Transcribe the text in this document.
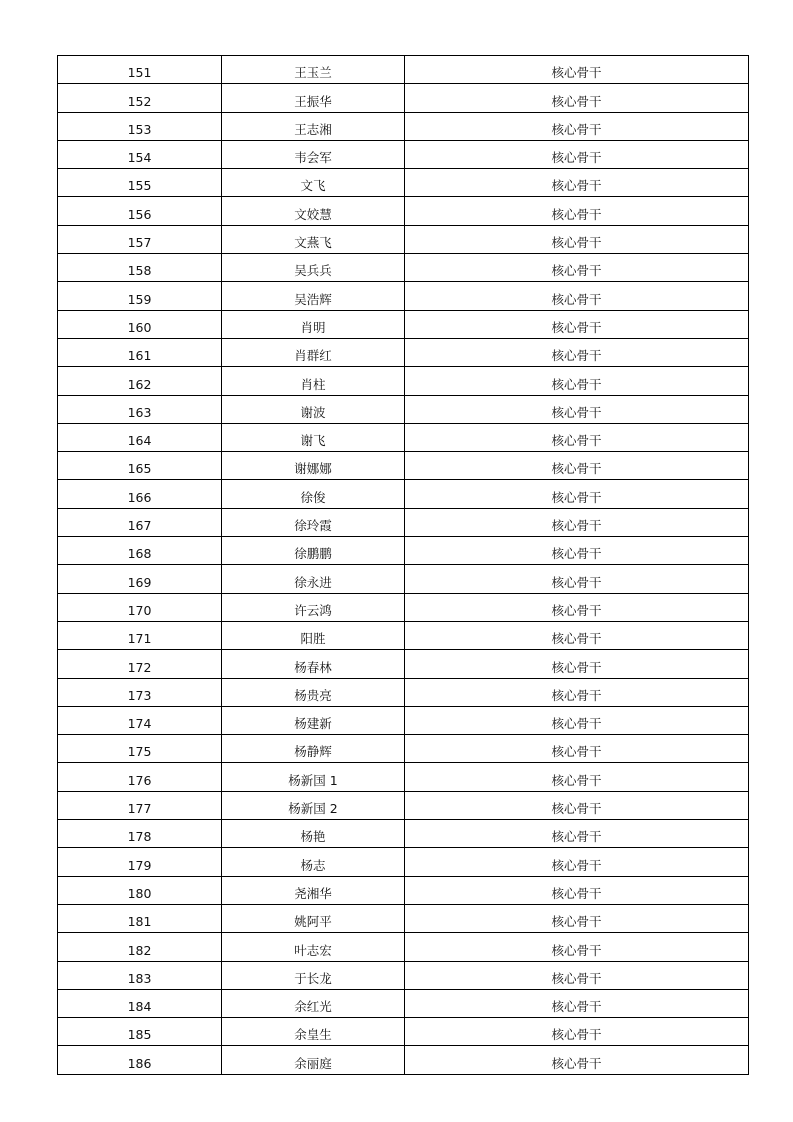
151	王玉兰	核心骨干
152	王振华	核心骨干
153	王志湘	核心骨干
154	韦会军	核心骨干
155	文飞	核心骨干
156	文姣慧	核心骨干
157	文燕飞	核心骨干
158	吴兵兵	核心骨干
159	吴浩辉	核心骨干
160	肖明	核心骨干
161	肖群红	核心骨干
162	肖柱	核心骨干
163	谢波	核心骨干
164	谢飞	核心骨干
165	谢娜娜	核心骨干
166	徐俊	核心骨干
167	徐玲霞	核心骨干
168	徐鹏鹏	核心骨干
169	徐永进	核心骨干
170	许云鸿	核心骨干
171	阳胜	核心骨干
172	杨春林	核心骨干
173	杨贵亮	核心骨干
174	杨建新	核心骨干
175	杨静辉	核心骨干
176	杨新国 1	核心骨干
177	杨新国 2	核心骨干
178	杨艳	核心骨干
179	杨志	核心骨干
180	尧湘华	核心骨干
181	姚阿平	核心骨干
182	叶志宏	核心骨干
183	于长龙	核心骨干
184	余红光	核心骨干
185	余皇生	核心骨干
186	余丽庭	核心骨干
